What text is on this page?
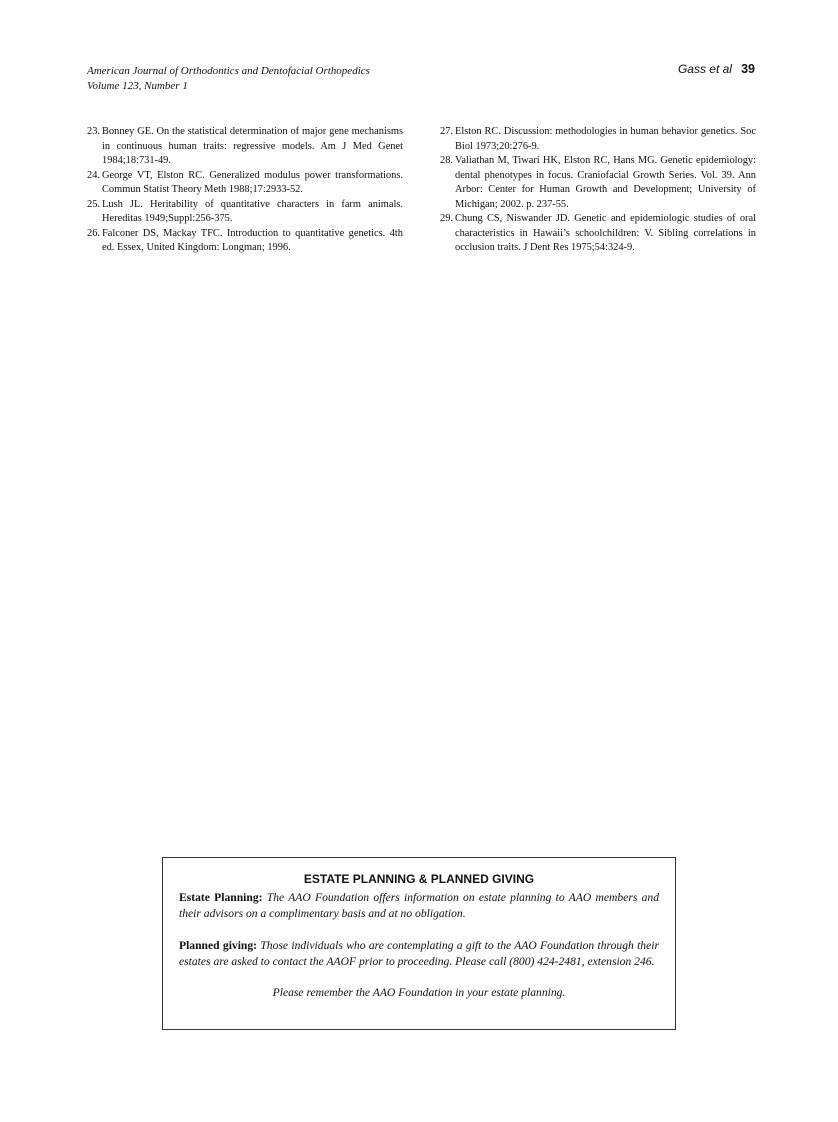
American Journal of Orthodontics and Dentofacial Orthopedics
Volume 123, Number 1
Gass et al 39
23. Bonney GE. On the statistical determination of major gene mechanisms in continuous human traits: regressive models. Am J Med Genet 1984;18:731-49.
24. George VT, Elston RC. Generalized modulus power transformations. Commun Statist Theory Meth 1988;17:2933-52.
25. Lush JL. Heritability of quantitative characters in farm animals. Hereditas 1949;Suppl:256-375.
26. Falconer DS, Mackay TFC. Introduction to quantitative genetics. 4th ed. Essex, United Kingdom: Longman; 1996.
27. Elston RC. Discussion: methodologies in human behavior genetics. Soc Biol 1973;20:276-9.
28. Valiathan M, Tiwari HK, Elston RC, Hans MG. Genetic epidemiology: dental phenotypes in focus. Craniofacial Growth Series. Vol. 39. Ann Arbor: Center for Human Growth and Development; University of Michigan; 2002. p. 237-55.
29. Chung CS, Niswander JD. Genetic and epidemiologic studies of oral characteristics in Hawaii’s schoolchildren: V. Sibling correlations in occlusion traits. J Dent Res 1975;54:324-9.
ESTATE PLANNING & PLANNED GIVING

Estate Planning: The AAO Foundation offers information on estate planning to AAO members and their advisors on a complimentary basis and at no obligation.

Planned giving: Those individuals who are contemplating a gift to the AAO Foundation through their estates are asked to contact the AAOF prior to proceeding. Please call (800) 424-2481, extension 246.

Please remember the AAO Foundation in your estate planning.
